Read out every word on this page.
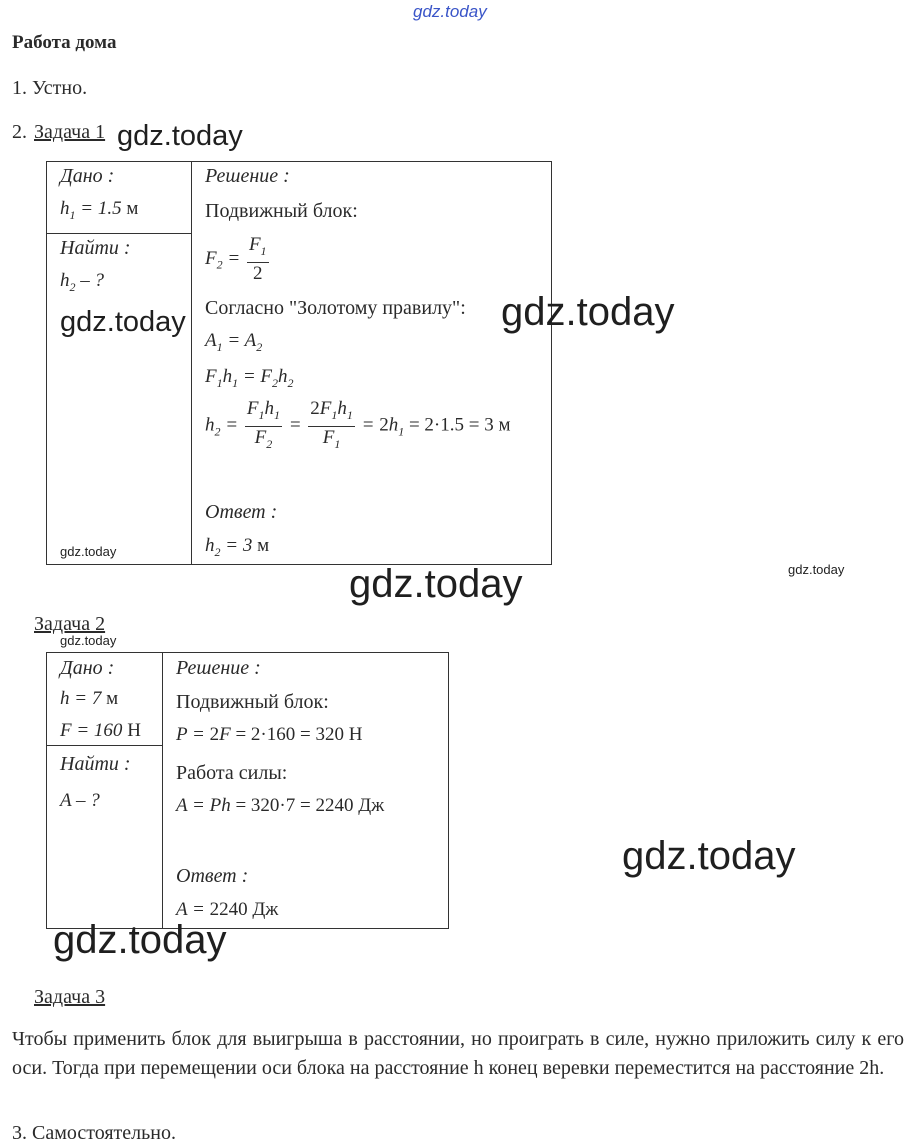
gdz.today
Работа дома
1. Устно.
2. Задача 1 gdz.today
Дано :
$h_1 = 1.5$ м
Найти :
$h_2$ – ?
gdz.today
gdz.today
Решение :
Подвижный блок:
$F_2 = \frac{F_1}{2}$
Согласно "Золотому правилу": gdz.today
$A_1 = A_2$
$F_1h_1 = F_2h_2$
$h_2 = \frac{F_1h_1}{F_2} = \frac{2F_1h_1}{F_1} = 2h_1 = 2\cdot 1.5 = 3$ м
Ответ :
$h_2 = 3$ м
gdz.today	gdz.today
Задача 2
gdz.today
Дано :
h = 7 м
F = 160 Н
Найти :
A – ?
Решение :
Подвижный блок:
P = 2F = 2·160 = 320 Н
Работа силы:
A = Ph = 320·7 = 2240 Дж
Ответ :
A = 2240 Дж
gdz.today
gdz.today
Задача 3
Чтобы применить блок для выигрыша в расстоянии, но проиграть в силе, нужно приложить силу к его оси. Тогда при перемещении оси блока на расстояние h конец веревки переместится на расстояние 2h.
3. Самостоятельно.
